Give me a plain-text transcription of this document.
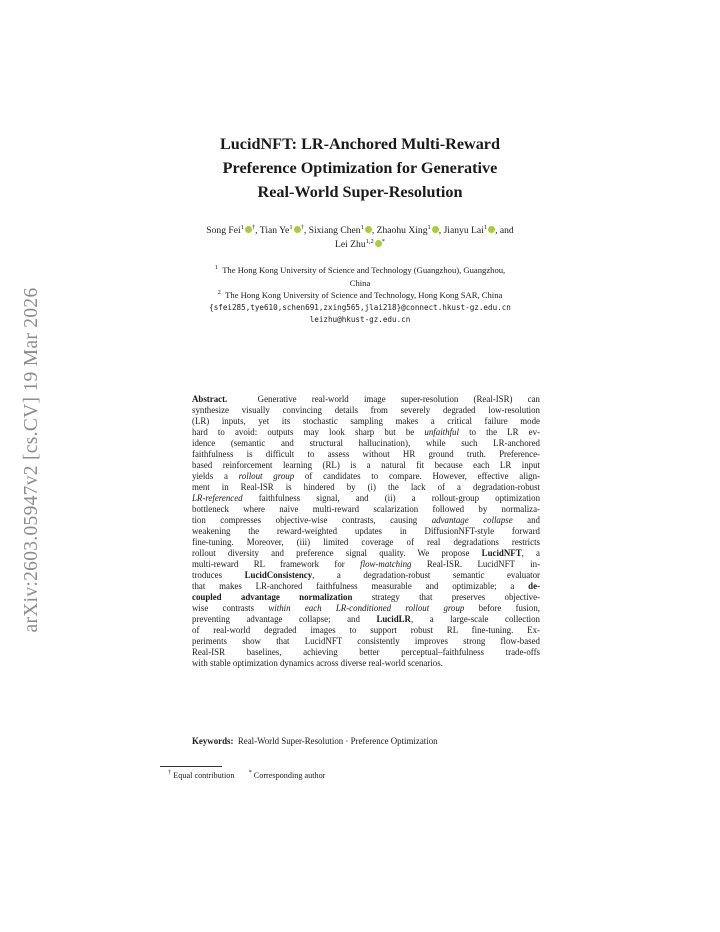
arXiv:2603.05947v2 [cs.CV] 19 Mar 2026
LucidNFT: LR-Anchored Multi-Reward
Preference Optimization for Generative
Real-World Super-Resolution
Song Fei$^1$ †, Tian Ye$^1$ †, Sixiang Chen$^1$ , Zhaohu Xing$^1$ , Jianyu Lai$^1$ , and
Lei Zhu$^{1,2}$ *
$^1$ The Hong Kong University of Science and Technology (Guangzhou), Guangzhou,
China
$^2$ The Hong Kong University of Science and Technology, Hong Kong SAR, China
{sfei285,tye610,schen691,zxing565,jlai218}@connect.hkust-gz.edu.cn
leizhu@hkust-gz.edu.cn
Abstract.	Generative real-world image super-resolution (Real-ISR) can
synthesize visually convincing details from severely degraded low-resolution
(LR) inputs, yet its stochastic sampling makes a critical failure mode
hard to avoid: outputs may look sharp but be unfaithful to the LR ev-
idence (semantic and structural hallucination), while such LR-anchored
faithfulness is difficult to assess without HR ground truth. Preference-
based reinforcement learning (RL) is a natural fit because each LR input
yields a rollout group of candidates to compare. However, effective align-
ment in Real-ISR is hindered by (i) the lack of a degradation-robust
LR-referenced faithfulness signal, and (ii) a rollout-group optimization
bottleneck where naive multi-reward scalarization followed by normaliza-
tion compresses objective-wise contrasts, causing advantage collapse and
weakening the reward-weighted updates in DiffusionNFT-style forward
fine-tuning. Moreover, (iii) limited coverage of real degradations restricts
rollout diversity and preference signal quality. We propose LucidNFT, a
multi-reward RL framework for flow-matching Real-ISR. LucidNFT in-
troduces	LucidConsistency, a degradation-robust semantic evaluator
that makes LR-anchored faithfulness measurable and optimizable; a de-
coupled advantage normalization strategy that preserves objective-
wise contrasts within each LR-conditioned rollout group before fusion,
preventing advantage collapse; and LucidLR, a large-scale collection
of real-world degraded images to support robust RL fine-tuning. Ex-
periments show that LucidNFT consistently improves strong flow-based
Real-ISR baselines, achieving better perceptual–faithfulness trade-offs
with stable optimization dynamics across diverse real-world scenarios.
Keywords: Real-World Super-Resolution · Preference Optimization
† Equal contribution * Corresponding author
